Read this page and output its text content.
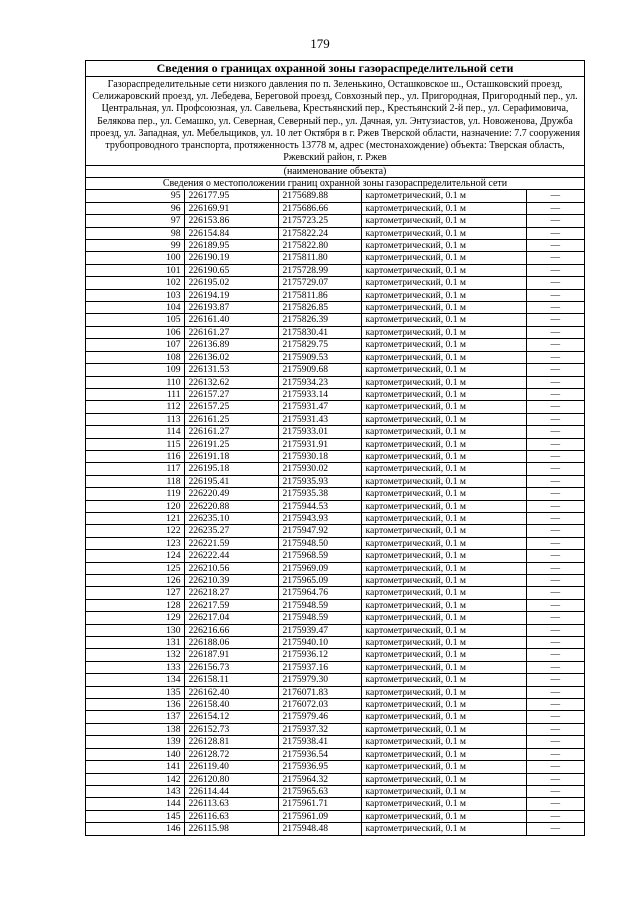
179
Сведения о границах охранной зоны газораспределительной сети
Газораспределительные сети низкого давления по п. Зеленькино, Осташковское ш., Осташковский проезд, Селижаровский проезд, ул. Лебедева, Береговой проезд, Совхозный пер., ул. Пригородная, Пригородный пер., ул. Центральная, ул. Профсоюзная, ул. Савельева, Крестьянский пер., Крестьянский 2-й пер., ул. Серафимовича, Белякова пер., ул. Семашко, ул. Северная, Северный пер., ул. Дачная, ул. Энтузиастов, ул. Новоженова, Дружба проезд, ул. Западная, ул. Мебельщиков, ул. 10 лет Октября в г. Ржев Тверской области, назначение: 7.7 сооружения трубопроводного транспорта, протяженность 13778 м, адрес (местонахождение) объекта: Тверская область, Ржевский район, г. Ржев
(наименование объекта)
Сведения о местоположении границ охранной зоны газораспределительной сети
95	226177.95	2175689.88	картометрический, 0.1 м	—
96	226169.91	2175686.66	картометрический, 0.1 м	—
97	226153.86	2175723.25	картометрический, 0.1 м	—
98	226154.84	2175822.24	картометрический, 0.1 м	—
99	226189.95	2175822.80	картометрический, 0.1 м	—
100	226190.19	2175811.80	картометрический, 0.1 м	—
101	226190.65	2175728.99	картометрический, 0.1 м	—
102	226195.02	2175729.07	картометрический, 0.1 м	—
103	226194.19	2175811.86	картометрический, 0.1 м	—
104	226193.87	2175826.85	картометрический, 0.1 м	—
105	226161.40	2175826.39	картометрический, 0.1 м	—
106	226161.27	2175830.41	картометрический, 0.1 м	—
107	226136.89	2175829.75	картометрический, 0.1 м	—
108	226136.02	2175909.53	картометрический, 0.1 м	—
109	226131.53	2175909.68	картометрический, 0.1 м	—
110	226132.62	2175934.23	картометрический, 0.1 м	—
111	226157.27	2175933.14	картометрический, 0.1 м	—
112	226157.25	2175931.47	картометрический, 0.1 м	—
113	226161.25	2175931.43	картометрический, 0.1 м	—
114	226161.27	2175933.01	картометрический, 0.1 м	—
115	226191.25	2175931.91	картометрический, 0.1 м	—
116	226191.18	2175930.18	картометрический, 0.1 м	—
117	226195.18	2175930.02	картометрический, 0.1 м	—
118	226195.41	2175935.93	картометрический, 0.1 м	—
119	226220.49	2175935.38	картометрический, 0.1 м	—
120	226220.88	2175944.53	картометрический, 0.1 м	—
121	226235.10	2175943.93	картометрический, 0.1 м	—
122	226235.27	2175947.92	картометрический, 0.1 м	—
123	226221.59	2175948.50	картометрический, 0.1 м	—
124	226222.44	2175968.59	картометрический, 0.1 м	—
125	226210.56	2175969.09	картометрический, 0.1 м	—
126	226210.39	2175965.09	картометрический, 0.1 м	—
127	226218.27	2175964.76	картометрический, 0.1 м	—
128	226217.59	2175948.59	картометрический, 0.1 м	—
129	226217.04	2175948.59	картометрический, 0.1 м	—
130	226216.66	2175939.47	картометрический, 0.1 м	—
131	226188.06	2175940.10	картометрический, 0.1 м	—
132	226187.91	2175936.12	картометрический, 0.1 м	—
133	226156.73	2175937.16	картометрический, 0.1 м	—
134	226158.11	2175979.30	картометрический, 0.1 м	—
135	226162.40	2176071.83	картометрический, 0.1 м	—
136	226158.40	2176072.03	картометрический, 0.1 м	—
137	226154.12	2175979.46	картометрический, 0.1 м	—
138	226152.73	2175937.32	картометрический, 0.1 м	—
139	226128.81	2175938.41	картометрический, 0.1 м	—
140	226128.72	2175936.54	картометрический, 0.1 м	—
141	226119.40	2175936.95	картометрический, 0.1 м	—
142	226120.80	2175964.32	картометрический, 0.1 м	—
143	226114.44	2175965.63	картометрический, 0.1 м	—
144	226113.63	2175961.71	картометрический, 0.1 м	—
145	226116.63	2175961.09	картометрический, 0.1 м	—
146	226115.98	2175948.48	картометрический, 0.1 м	—
